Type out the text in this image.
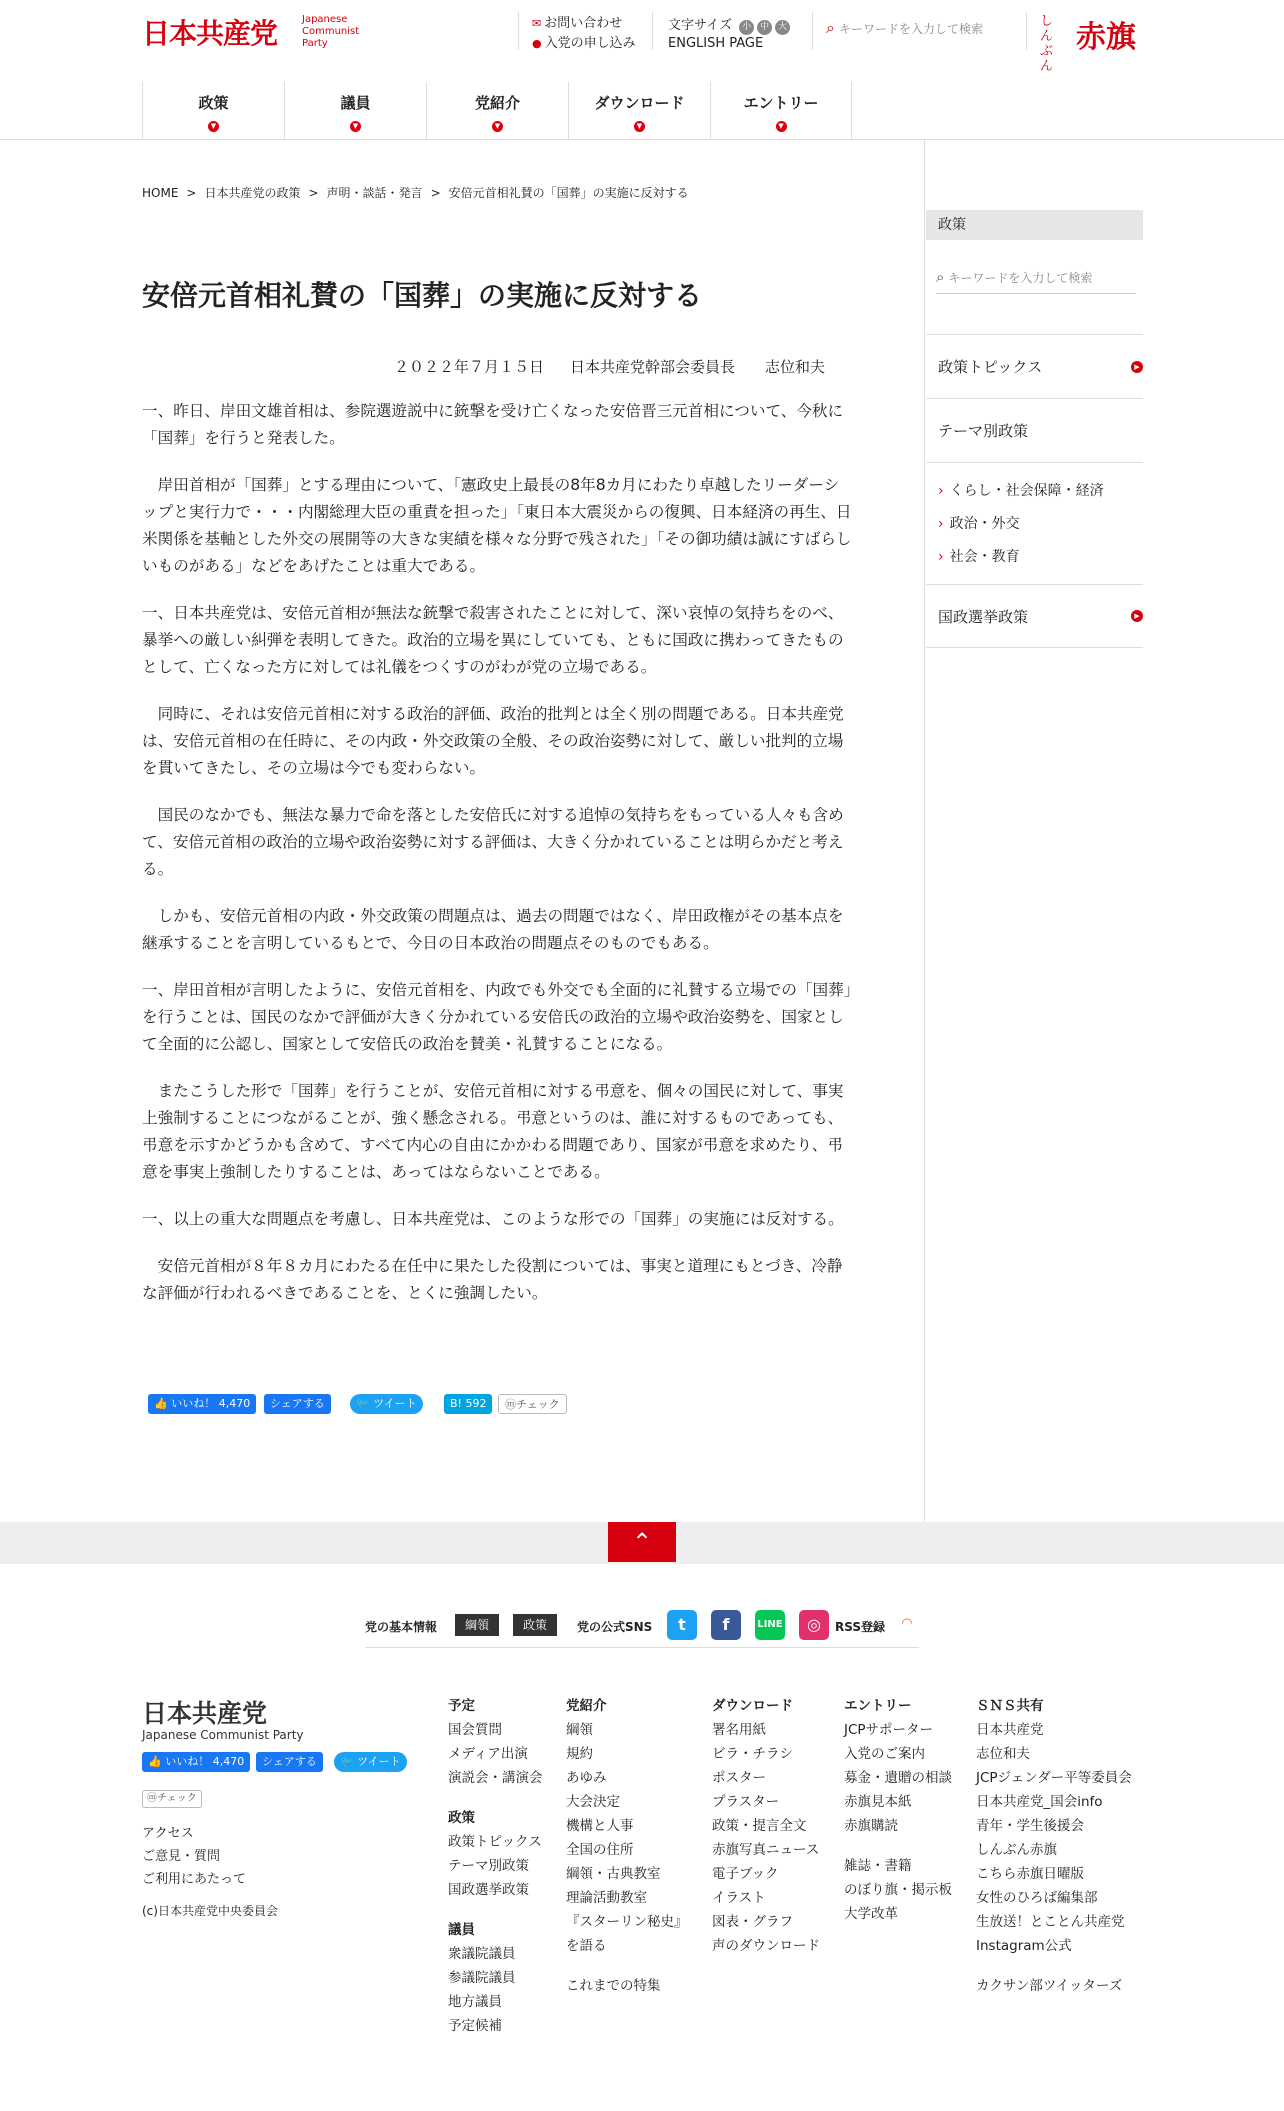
日本共産党 Japanese
Communist
Party
✉ お問い合わせ
● 入党の申し込み
文字サイズ 小 中 大
ENGLISH PAGE
⌕ キーワードを入力して検索	しん
ぶん
赤旗
政策
▼
議員
▼
党紹介
▼
ダウンロード
▼
エントリー
▼
HOME > 日本共産党の政策 > 声明・談話・発言 > 安倍元首相礼賛の「国葬」の実施に反対する
安倍元首相礼賛の「国葬」の実施に反対する
２０２２年７月１５日 日本共産党幹部会委員長　　志位和夫

一、昨日、岸田文雄首相は、参院選遊説中に銃撃を受け亡くなった安倍晋三元首相について、今秋に「国葬」を行うと発表した。

　岸田首相が「国葬」とする理由について、「憲政史上最長の8年8カ月にわたり卓越したリーダーシップと実行力で・・・内閣総理大臣の重責を担った」「東日本大震災からの復興、日本経済の再生、日米関係を基軸とした外交の展開等の大きな実績を様々な分野で残された」「その御功績は誠にすばらしいものがある」などをあげたことは重大である。

一、日本共産党は、安倍元首相が無法な銃撃で殺害されたことに対して、深い哀悼の気持ちをのべ、暴挙への厳しい糾弾を表明してきた。政治的立場を異にしていても、ともに国政に携わってきたものとして、亡くなった方に対しては礼儀をつくすのがわが党の立場である。

　同時に、それは安倍元首相に対する政治的評価、政治的批判とは全く別の問題である。日本共産党は、安倍元首相の在任時に、その内政・外交政策の全般、その政治姿勢に対して、厳しい批判的立場を貫いてきたし、その立場は今でも変わらない。

　国民のなかでも、無法な暴力で命を落とした安倍氏に対する追悼の気持ちをもっている人々も含めて、安倍元首相の政治的立場や政治姿勢に対する評価は、大きく分かれていることは明らかだと考える。

　しかも、安倍元首相の内政・外交政策の問題点は、過去の問題ではなく、岸田政権がその基本点を継承することを言明しているもとで、今日の日本政治の問題点そのものでもある。

一、岸田首相が言明したように、安倍元首相を、内政でも外交でも全面的に礼賛する立場での「国葬」を行うことは、国民のなかで評価が大きく分かれている安倍氏の政治的立場や政治姿勢を、国家として全面的に公認し、国家として安倍氏の政治を賛美・礼賛することになる。

　またこうした形で「国葬」を行うことが、安倍元首相に対する弔意を、個々の国民に対して、事実上強制することにつながることが、強く懸念される。弔意というのは、誰に対するものであっても、弔意を示すかどうかも含めて、すべて内心の自由にかかわる問題であり、国家が弔意を求めたり、弔意を事実上強制したりすることは、あってはならないことである。

一、以上の重大な問題点を考慮し、日本共産党は、このような形での「国葬」の実施には反対する。

　安倍元首相が８年８カ月にわたる在任中に果たした役割については、事実と道理にもとづき、冷静な評価が行われるべきであることを、とくに強調したい。

👍 いいね！ 4,470	シェアする	🐦 ツイート	B! 592	ⓜチェック
政策
⌕ キーワードを入力して検索
政策トピックス	▶
テーマ別政策
› くらし・社会保障・経済
› 政治・外交
› 社会・教育
国政選挙政策	▶
⌃
党の基本情報	綱領	政策	党の公式SNS	t	f	LINE	◎	RSS登録	◠
日本共産党
Japanese Communist Party
👍 いいね！ 4,470	シェアする	🐦 ツイート
ⓜチェック
アクセス
ご意見・質問
ご利用にあたって
(c)日本共産党中央委員会
予定
国会質問
メディア出演
演説会・講演会
政策
政策トピックス
テーマ別政策
国政選挙政策
議員
衆議院議員
参議院議員
地方議員
予定候補
党紹介
綱領
規約
あゆみ
大会決定
機構と人事
全国の住所
綱領・古典教室
理論活動教室
『スターリン秘史』
を語る
これまでの特集
ダウンロード
署名用紙
ビラ・チラシ
ポスター
プラスター
政策・提言全文
赤旗写真ニュース
電子ブック
イラスト
図表・グラフ
声のダウンロード
エントリー
JCPサポーター
入党のご案内
募金・遺贈の相談
赤旗見本紙
赤旗購読
雑誌・書籍
のぼり旗・掲示板
大学改革
ＳＮＳ共有
日本共産党
志位和夫
JCPジェンダー平等委員会
日本共産党_国会info
青年・学生後援会
しんぶん赤旗
こちら赤旗日曜版
女性のひろば編集部
生放送！とことん共産党
Instagram公式
カクサン部ツイッターズ
